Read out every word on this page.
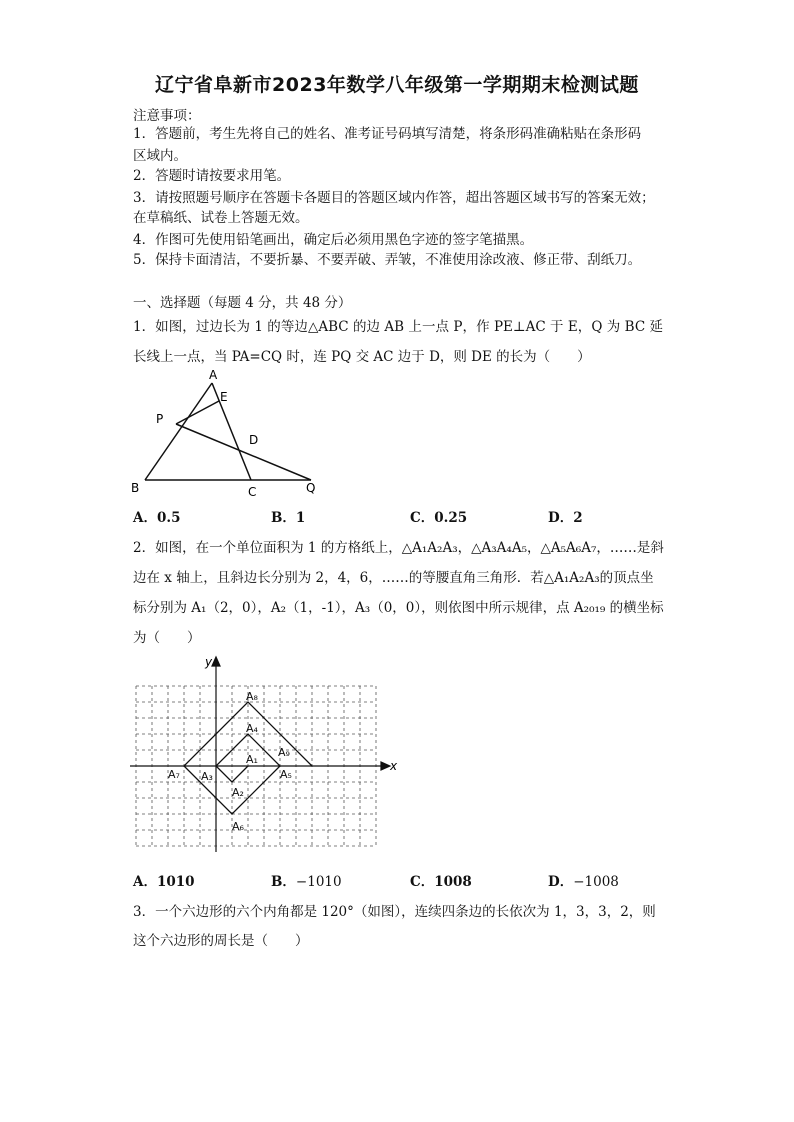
辽宁省阜新市2023年数学八年级第一学期期末检测试题
注意事项：
1．答题前，考生先将自己的姓名、准考证号码填写清楚，将条形码准确粘贴在条形码
区域内。
2．答题时请按要求用笔。
3．请按照题号顺序在答题卡各题目的答题区域内作答，超出答题区域书写的答案无效；
在草稿纸、试卷上答题无效。
4．作图可先使用铅笔画出，确定后必须用黑色字迹的签字笔描黑。
5．保持卡面清洁，不要折暴、不要弄破、弄皱，不准使用涂改液、修正带、刮纸刀。
一、选择题（每题 4 分，共 48 分）
1．如图，过边长为 1 的等边△ABC 的边 AB 上一点 P，作 PE⊥AC 于 E，Q 为 BC 延长线上一点，当 PA=CQ 时，连 PQ 交 AC 边于 D，则 DE 的长为（　　）
A
E
P
D
B	C	Q
A．0.5	B．1	C．0.25	D．2
2．如图，在一个单位面积为 1 的方格纸上，△A₁A₂A₃，△A₃A₄A₅，△A₅A₆A₇，……是斜
边在 x 轴上，且斜边长分别为 2，4，6，……的等腰直角三角形．若△A₁A₂A₃的顶点坐
标分别为 A₁（2，0），A₂（1，-1），A₃（0，0），则依图中所示规律，点 A₂₀₁₉ 的横坐标
为（　　）
x
y
A₁
A₂
A₃
A₄
A₅
A₆
A₇
A₈
A₉
A．1010	B．−1010	C．1008	D．−1008
3．一个六边形的六个内角都是 120°（如图），连续四条边的长依次为 1，3，3，2，则
这个六边形的周长是（　　）
